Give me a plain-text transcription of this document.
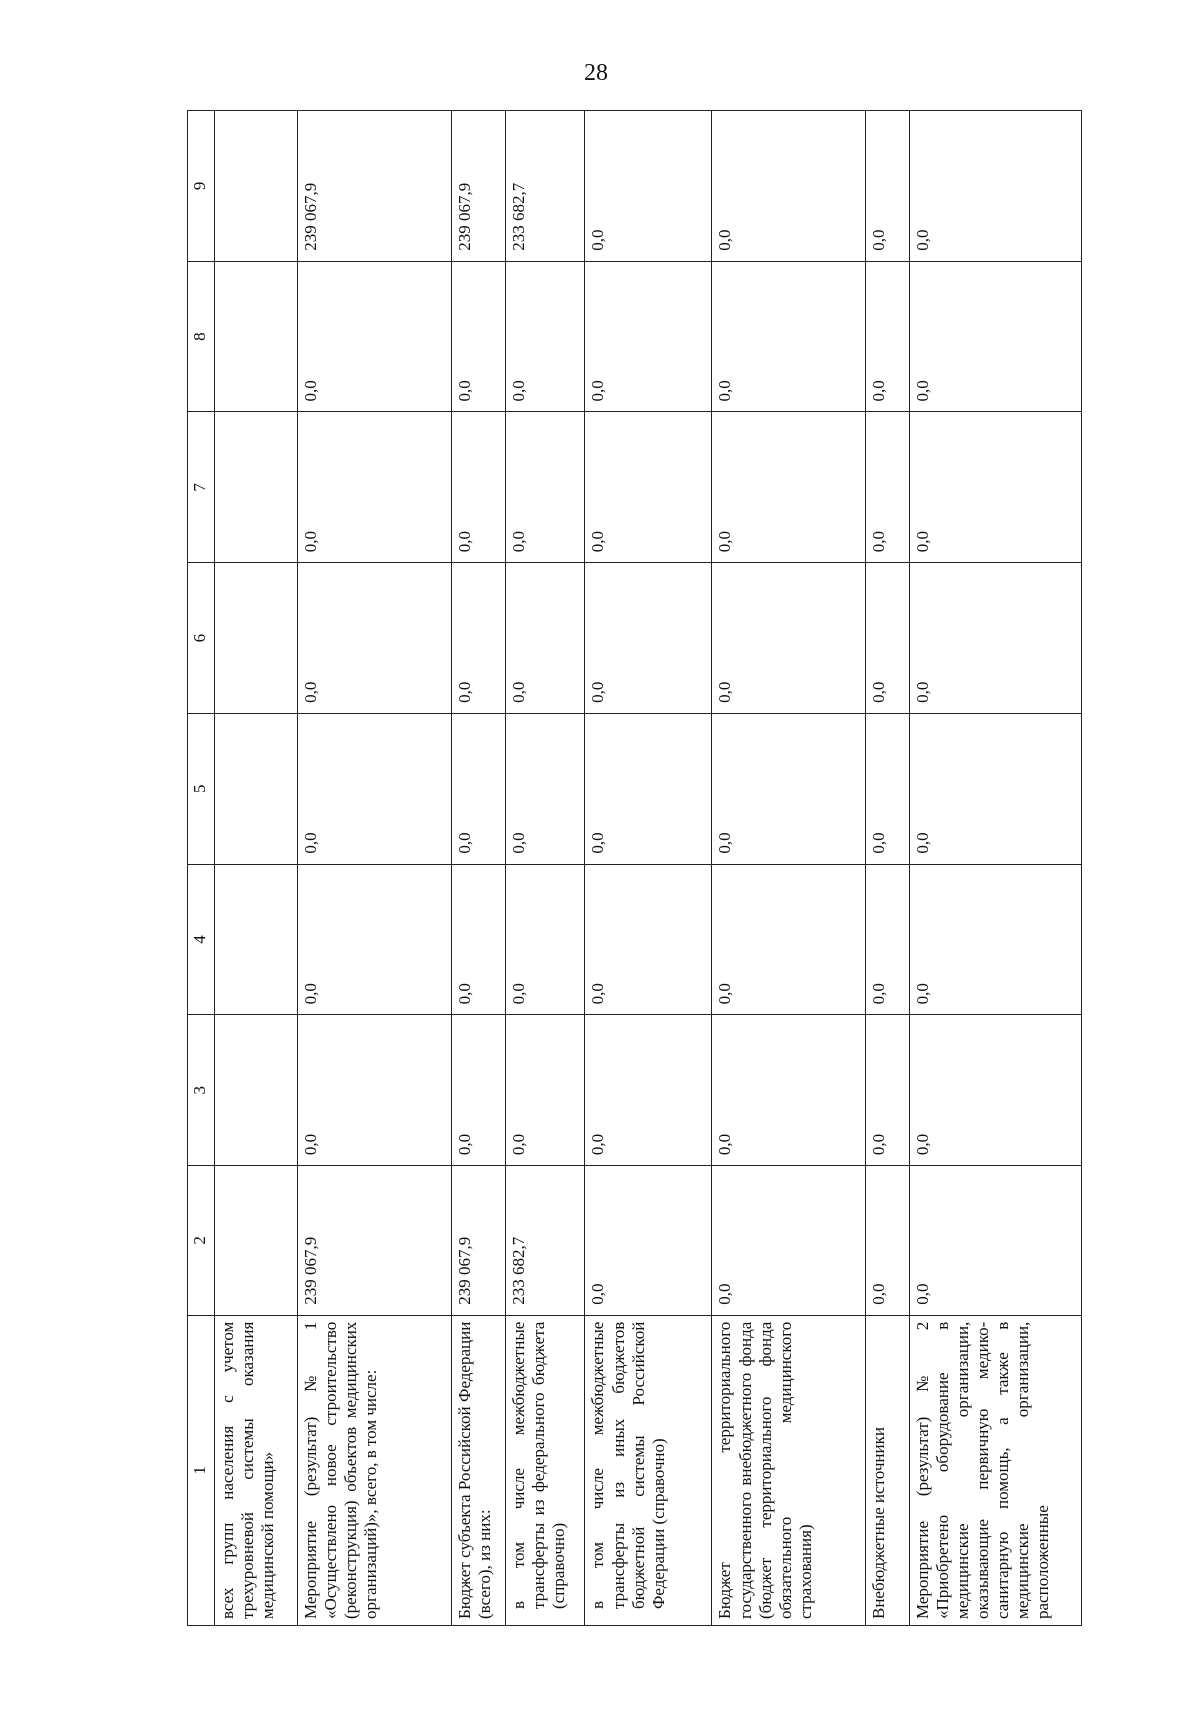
28
1	2	3	4	5	6	7	8	9
всех групп населения с учетом трехуровневой системы оказания медицинской помощи»								
Мероприятие (результат) № 1 «Осуществлено новое строительство (реконструкция) объектов медицинских организаций)», всего, в том числе:	239 067,9	0,0	0,0	0,0	0,0	0,0	0,0	239 067,9
Бюджет субъекта Российской Федерации (всего), из них:	239 067,9	0,0	0,0	0,0	0,0	0,0	0,0	239 067,9
в том числе межбюджетные трансферты из федерального бюджета (справочно)	233 682,7	0,0	0,0	0,0	0,0	0,0	0,0	233 682,7
в том числе межбюджетные трансферты из иных бюджетов бюджетной системы Российской Федерации (справочно)	0,0	0,0	0,0	0,0	0,0	0,0	0,0	0,0
Бюджет территориального государственного внебюджетного фонда (бюджет территориального фонда обязательного медицинского страхования)	0,0	0,0	0,0	0,0	0,0	0,0	0,0	0,0
Внебюджетные источники	0,0	0,0	0,0	0,0	0,0	0,0	0,0	0,0
Мероприятие (результат) № 2 «Приобретено оборудование в медицинские организации, оказывающие первичную медико-санитарную помощь, а также в медицинские организации, расположенные	0,0	0,0	0,0	0,0	0,0	0,0	0,0	0,0
